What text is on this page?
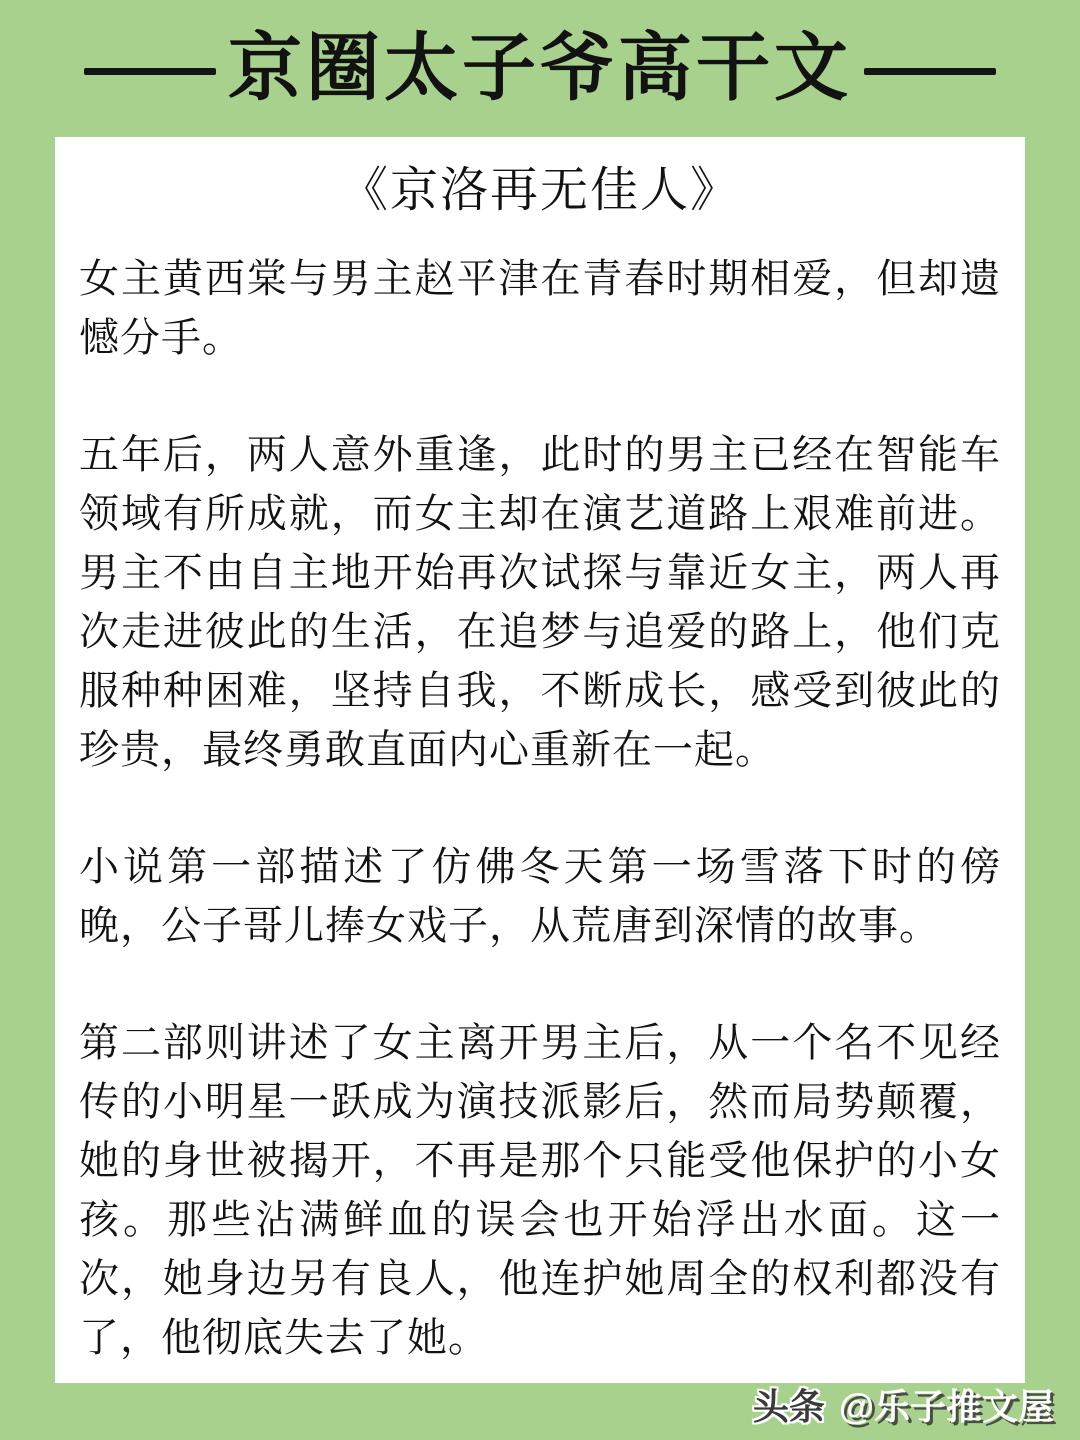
京圈太子爷高干文
《京洛再无佳人》

女主黄西棠与男主赵平津在青春时期相爱，但却遗憾分手。

五年后，两人意外重逢，此时的男主已经在智能车领域有所成就，而女主却在演艺道路上艰难前进。男主不由自主地开始再次试探与靠近女主，两人再次走进彼此的生活，在追梦与追爱的路上，他们克服种种困难，坚持自我，不断成长，感受到彼此的珍贵，最终勇敢直面内心重新在一起。

小说第一部描述了仿佛冬天第一场雪落下时的傍晚，公子哥儿捧女戏子，从荒唐到深情的故事。

第二部则讲述了女主离开男主后，从一个名不见经传的小明星一跃成为演技派影后，然而局势颠覆，她的身世被揭开，不再是那个只能受他保护的小女孩。那些沾满鲜血的误会也开始浮出水面。这一次，她身边另有良人，他连护她周全的权利都没有了，他彻底失去了她。

头条 @乐子推文屋
